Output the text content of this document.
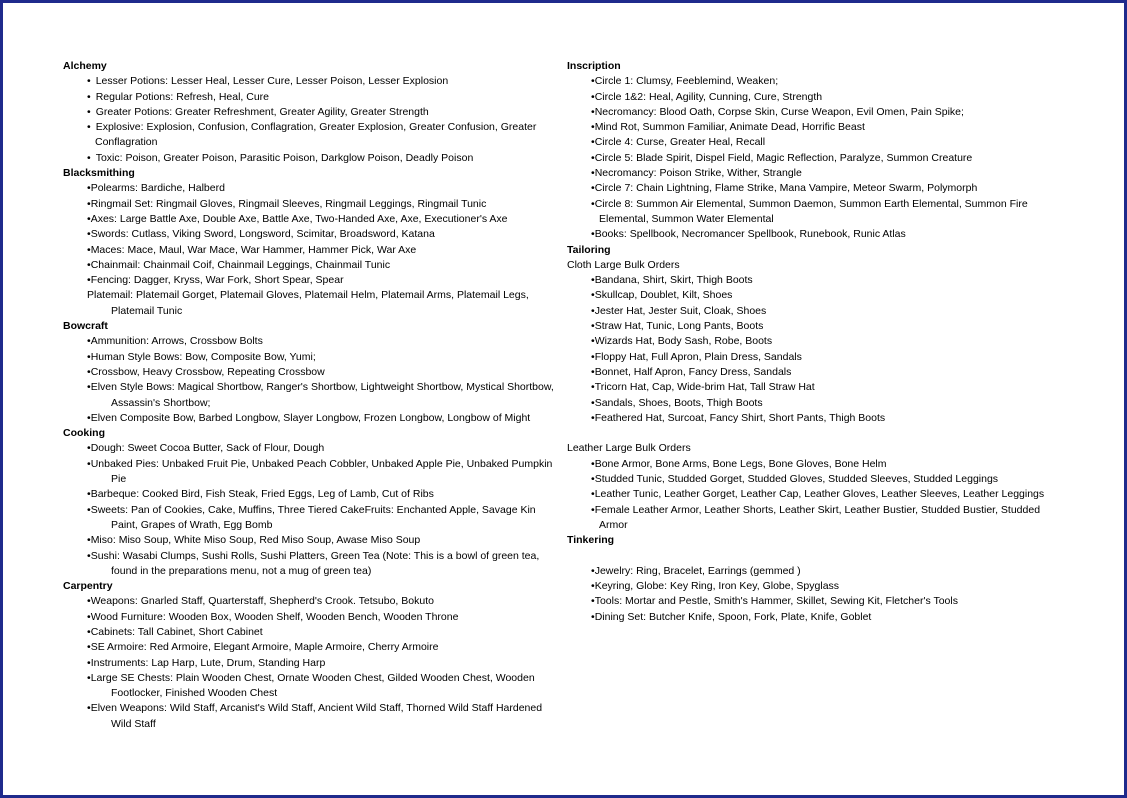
Alchemy
• Lesser Potions: Lesser Heal, Lesser Cure, Lesser Poison, Lesser Explosion
• Regular Potions: Refresh, Heal, Cure
• Greater Potions: Greater Refreshment, Greater Agility, Greater Strength
• Explosive: Explosion, Confusion, Conflagration, Greater Explosion, Greater Confusion, Greater Conflagration
• Toxic: Poison, Greater Poison, Parasitic Poison, Darkglow Poison, Deadly Poison
Blacksmithing
• Polearms: Bardiche, Halberd
• Ringmail Set: Ringmail Gloves, Ringmail Sleeves, Ringmail Leggings, Ringmail Tunic
• Axes: Large Battle Axe, Double Axe, Battle Axe, Two-Handed Axe, Axe, Executioner's Axe
• Swords: Cutlass, Viking Sword, Longsword, Scimitar, Broadsword, Katana
• Maces: Mace, Maul, War Mace, War Hammer, Hammer Pick, War Axe
• Chainmail: Chainmail Coif, Chainmail Leggings, Chainmail Tunic
• Fencing: Dagger, Kryss, War Fork, Short Spear, Spear
Platemail: Platemail Gorget, Platemail Gloves, Platemail Helm, Platemail Arms, Platemail Legs, Platemail Tunic
Bowcraft
• Ammunition: Arrows, Crossbow Bolts
• Human Style Bows: Bow, Composite Bow, Yumi;
• Crossbow, Heavy Crossbow, Repeating Crossbow
• Elven Style Bows: Magical Shortbow, Ranger's Shortbow, Lightweight Shortbow, Mystical Shortbow, Assassin's Shortbow;
• Elven Composite Bow, Barbed Longbow, Slayer Longbow, Frozen Longbow, Longbow of Might
Cooking
• Dough: Sweet Cocoa Butter, Sack of Flour, Dough
• Unbaked Pies: Unbaked Fruit Pie, Unbaked Peach Cobbler, Unbaked Apple Pie, Unbaked Pumpkin Pie
• Barbeque: Cooked Bird, Fish Steak, Fried Eggs, Leg of Lamb, Cut of Ribs
• Sweets: Pan of Cookies, Cake, Muffins, Three Tiered CakeFruits: Enchanted Apple, Savage Kin Paint, Grapes of Wrath, Egg Bomb
• Miso: Miso Soup, White Miso Soup, Red Miso Soup, Awase Miso Soup
• Sushi: Wasabi Clumps, Sushi Rolls, Sushi Platters, Green Tea (Note: This is a bowl of green tea, found in the preparations menu, not a mug of green tea)
Carpentry
• Weapons: Gnarled Staff, Quarterstaff, Shepherd's Crook. Tetsubo, Bokuto
• Wood Furniture: Wooden Box, Wooden Shelf, Wooden Bench, Wooden Throne
• Cabinets: Tall Cabinet, Short Cabinet
• SE Armoire: Red Armoire, Elegant Armoire, Maple Armoire, Cherry Armoire
• Instruments: Lap Harp, Lute, Drum, Standing Harp
• Large SE Chests: Plain Wooden Chest, Ornate Wooden Chest, Gilded Wooden Chest, Wooden Footlocker, Finished Wooden Chest
• Elven Weapons: Wild Staff, Arcanist's Wild Staff, Ancient Wild Staff, Thorned Wild Staff Hardened Wild Staff
Inscription
• Circle 1: Clumsy, Feeblemind, Weaken;
• Circle 1&2: Heal, Agility, Cunning, Cure, Strength
• Necromancy: Blood Oath, Corpse Skin, Curse Weapon, Evil Omen, Pain Spike;
• Mind Rot, Summon Familiar, Animate Dead, Horrific Beast
• Circle 4: Curse, Greater Heal, Recall
• Circle 5: Blade Spirit, Dispel Field, Magic Reflection, Paralyze, Summon Creature
• Necromancy: Poison Strike, Wither, Strangle
• Circle 7: Chain Lightning, Flame Strike, Mana Vampire, Meteor Swarm, Polymorph
• Circle 8: Summon Air Elemental, Summon Daemon, Summon Earth Elemental, Summon Fire Elemental, Summon Water Elemental
• Books: Spellbook, Necromancer Spellbook, Runebook, Runic Atlas
Tailoring
Cloth Large Bulk Orders
• Bandana, Shirt, Skirt, Thigh Boots
• Skullcap, Doublet, Kilt, Shoes
• Jester Hat, Jester Suit, Cloak, Shoes
• Straw Hat, Tunic, Long Pants, Boots
• Wizards Hat, Body Sash, Robe, Boots
• Floppy Hat, Full Apron, Plain Dress, Sandals
• Bonnet, Half Apron, Fancy Dress, Sandals
• Tricorn Hat, Cap, Wide-brim Hat, Tall Straw Hat
• Sandals, Shoes, Boots, Thigh Boots
• Feathered Hat, Surcoat, Fancy Shirt, Short Pants, Thigh Boots
Leather Large Bulk Orders
• Bone Armor, Bone Arms, Bone Legs, Bone Gloves, Bone Helm
• Studded Tunic, Studded Gorget, Studded Gloves, Studded Sleeves, Studded Leggings
• Leather Tunic, Leather Gorget, Leather Cap, Leather Gloves, Leather Sleeves, Leather Leggings
• Female Leather Armor, Leather Shorts, Leather Skirt, Leather Bustier, Studded Bustier, Studded Armor
Tinkering
• Jewelry: Ring, Bracelet, Earrings (gemmed )
• Keyring, Globe: Key Ring, Iron Key, Globe, Spyglass
• Tools: Mortar and Pestle, Smith's Hammer, Skillet, Sewing Kit, Fletcher's Tools
• Dining Set: Butcher Knife, Spoon, Fork, Plate, Knife, Goblet
